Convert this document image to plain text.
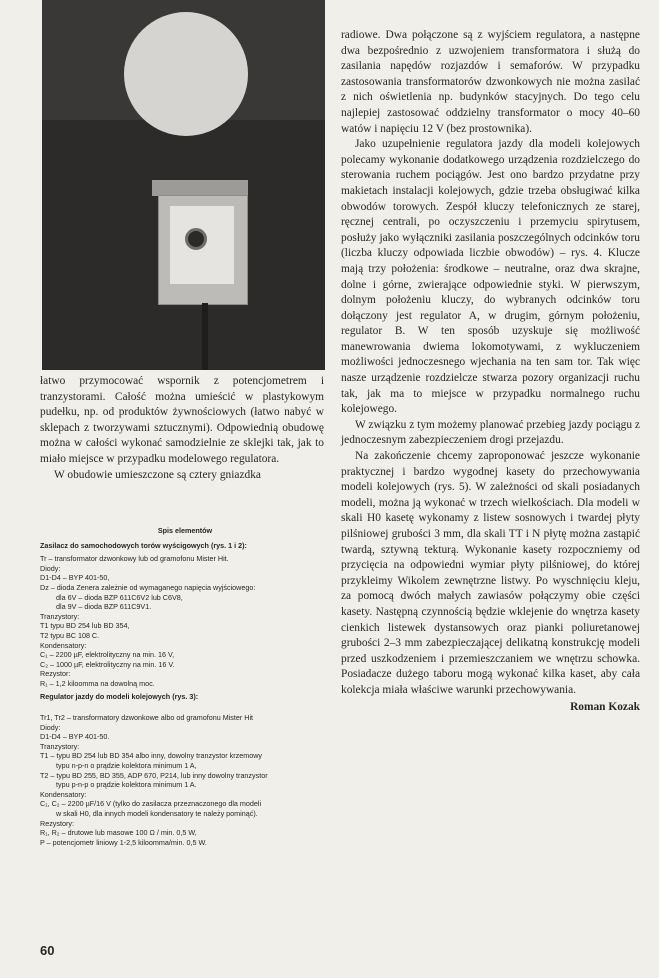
łatwo przymocować wspornik z potencjometrem i tranzystorami. Całość można umieścić w plastykowym pudełku, np. od produktów żywnościowych (łatwo nabyć w sklepach z tworzywami sztucznymi). Odpowiednią obudowę można w całości wykonać samodzielnie ze sklejki tak, jak to miało miejsce w przypadku modelowego regulatora.

W obudowie umieszczone są cztery gniazdka

Spis elementów
Zasilacz do samochodowych torów wyścigowych (rys. 1 i 2):
Tr – transformator dzwonkowy lub od gramofonu Mister Hit.
Diody:
D1-D4 – BYP 401-50,
Dz – dioda Zenera zależnie od wymaganego napięcia wyjściowego:
dla 6V – dioda BZP 611C6V2 lub C6V8,
dla 9V – dioda BZP 611C9V1.
Tranzystory:
T1 typu BD 254 lub BD 354,
T2 typu BC 108 C.
Kondensatory:
C₁ – 2200 µF, elektrolityczny na min. 16 V,
C₂ – 1000 µF, elektrolityczny na min. 16 V.
Rezystor:
R₁ – 1,2 kiloomma na dowolną moc.
Regulator jazdy do modeli kolejowych (rys. 3):
Tr1, Tr2 – transformatory dzwonkowe albo od gramofonu Mister Hit
Diody:
D1-D4 – BYP 401-50.
Tranzystory:
T1 – typu BD 254 lub BD 354 albo inny, dowolny tranzystor krzemowy
typu n-p-n o prądzie kolektora minimum 1 A,
T2 – typu BD 255, BD 355, ADP 670, P214, lub inny dowolny tranzystor
typu p-n-p o prądzie kolektora minimum 1 A.
Kondensatory:
C₁, C₂ – 2200 µF/16 V (tylko do zasilacza przeznaczonego dla modeli
w skali H0, dla innych modeli kondensatory te należy pominąć).
Rezystory:
R₁, R₂ – drutowe lub masowe 100 Ω / min. 0,5 W,
P – potencjometr liniowy 1-2,5 kiloomma/min. 0,5 W.

radiowe. Dwa połączone są z wyjściem regulatora, a następne dwa bezpośrednio z uzwojeniem transformatora i służą do zasilania napędów rozjazdów i semaforów. W przypadku zastosowania transformatorów dzwonkowych nie można zasilać z nich oświetlenia np. budynków stacyjnych. Do tego celu najlepiej zastosować oddzielny transformator o mocy 40–60 watów i napięciu 12 V (bez prostownika).

Jako uzupełnienie regulatora jazdy dla modeli kolejowych polecamy wykonanie dodatkowego urządzenia rozdzielczego do sterowania ruchem pociągów. Jest ono bardzo przydatne przy makietach instalacji kolejowych, gdzie trzeba obsługiwać kilka obwodów torowych. Zespół kluczy telefonicznych ze starej, ręcznej centrali, po oczyszczeniu i przemyciu spirytusem, posłuży jako wyłączniki zasilania poszczególnych odcinków toru (liczba kluczy odpowiada liczbie obwodów) – rys. 4. Klucze mają trzy położenia: środkowe – neutralne, oraz dwa skrajne, dolne i górne, zwierające odpowiednie styki. W pierwszym, dolnym położeniu kluczy, do wybranych odcinków toru dołączony jest regulator A, w drugim, górnym położeniu, regulator B. W ten sposób uzyskuje się możliwość manewrowania dwiema lokomotywami, z wykluczeniem możliwości jednoczesnego wjechania na ten sam tor. Tak więc nasze urządzenie rozdzielcze stwarza pozory organizacji ruchu tak, jak ma to miejsce w przypadku normalnego ruchu kolejowego.

W związku z tym możemy planować przebieg jazdy pociągu z jednoczesnym zabezpieczeniem drogi przejazdu.

Na zakończenie chcemy zaproponować jeszcze wykonanie praktycznej i bardzo wygodnej kasety do przechowywania modeli kolejowych (rys. 5). W zależności od skali posiadanych modeli, można ją wykonać w trzech wielkościach. Dla modeli w skali H0 kasetę wykonamy z listew sosnowych i twardej płyty pilśniowej grubości 3 mm, dla skali TT i N płytę można zastąpić twardą, sztywną tekturą. Wykonanie kasety rozpoczniemy od przycięcia na odpowiedni wymiar płyty pilśniowej, do której przykleimy Wikolem zewnętrzne listwy. Po wyschnięciu kleju, za pomocą dwóch małych zawiasów połączymy obie części kasety. Następną czynnością będzie wklejenie do wnętrza kasety cienkich listewek dystansowych oraz pianki poliuretanowej grubości 2–3 mm zabezpieczającej delikatną konstrukcję modeli przed uszkodzeniem i przemieszczaniem we wnętrzu schowka. Posiadacze dużego taboru mogą wykonać kilka kaset, aby cała kolekcja miała właściwe warunki przechowywania.

Roman Kozak
60
